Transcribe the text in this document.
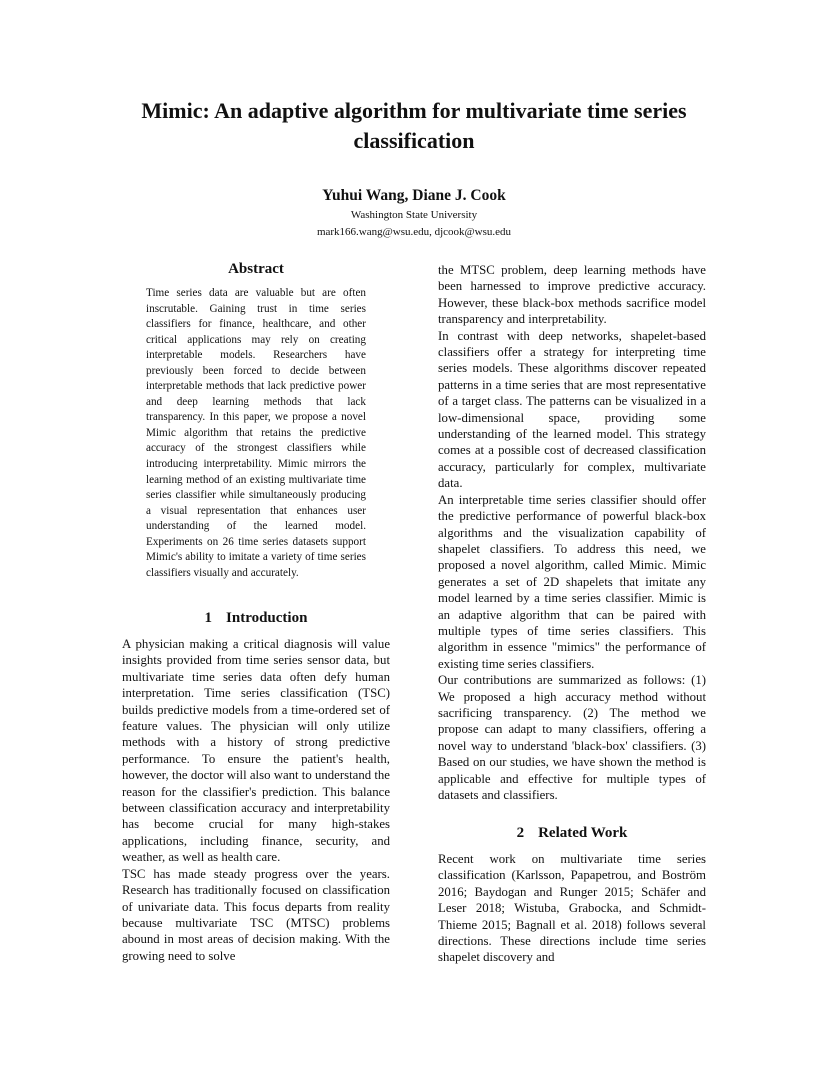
Mimic: An adaptive algorithm for multivariate time series classification
Yuhui Wang, Diane J. Cook
Washington State University
mark166.wang@wsu.edu, djcook@wsu.edu
Abstract

Time series data are valuable but are often inscrutable. Gaining trust in time series classifiers for finance, healthcare, and other critical applications may rely on creating interpretable models. Researchers have previously been forced to decide between interpretable methods that lack predictive power and deep learning methods that lack transparency. In this paper, we propose a novel Mimic algorithm that retains the predictive accuracy of the strongest classifiers while introducing interpretability. Mimic mirrors the learning method of an existing multivariate time series classifier while simultaneously producing a visual representation that enhances user understanding of the learned model. Experiments on 26 time series datasets support Mimic's ability to imitate a variety of time series classifiers visually and accurately.

1 Introduction

A physician making a critical diagnosis will value insights provided from time series sensor data, but multivariate time series data often defy human interpretation. Time series classification (TSC) builds predictive models from a time-ordered set of feature values. The physician will only utilize methods with a history of strong predictive performance. To ensure the patient's health, however, the doctor will also want to understand the reason for the classifier's prediction. This balance between classification accuracy and interpretability has become crucial for many high-stakes applications, including finance, security, and weather, as well as health care.

TSC has made steady progress over the years. Research has traditionally focused on classification of univariate data. This focus departs from reality because multivariate TSC (MTSC) problems abound in most areas of decision making. With the growing need to solve

the MTSC problem, deep learning methods have been harnessed to improve predictive accuracy. However, these black-box methods sacrifice model transparency and interpretability.

In contrast with deep networks, shapelet-based classifiers offer a strategy for interpreting time series models. These algorithms discover repeated patterns in a time series that are most representative of a target class. The patterns can be visualized in a low-dimensional space, providing some understanding of the learned model. This strategy comes at a possible cost of decreased classification accuracy, particularly for complex, multivariate data.

An interpretable time series classifier should offer the predictive performance of powerful black-box algorithms and the visualization capability of shapelet classifiers. To address this need, we proposed a novel algorithm, called Mimic. Mimic generates a set of 2D shapelets that imitate any model learned by a time series classifier. Mimic is an adaptive algorithm that can be paired with multiple types of time series classifiers. This algorithm in essence "mimics" the performance of existing time series classifiers.

Our contributions are summarized as follows: (1) We proposed a high accuracy method without sacrificing transparency. (2) The method we propose can adapt to many classifiers, offering a novel way to understand 'black-box' classifiers. (3) Based on our studies, we have shown the method is applicable and effective for multiple types of datasets and classifiers.

2 Related Work

Recent work on multivariate time series classification (Karlsson, Papapetrou, and Boström 2016; Baydogan and Runger 2015; Schäfer and Leser 2018; Wistuba, Grabocka, and Schmidt-Thieme 2015; Bagnall et al. 2018) follows several directions. These directions include time series shapelet discovery and
